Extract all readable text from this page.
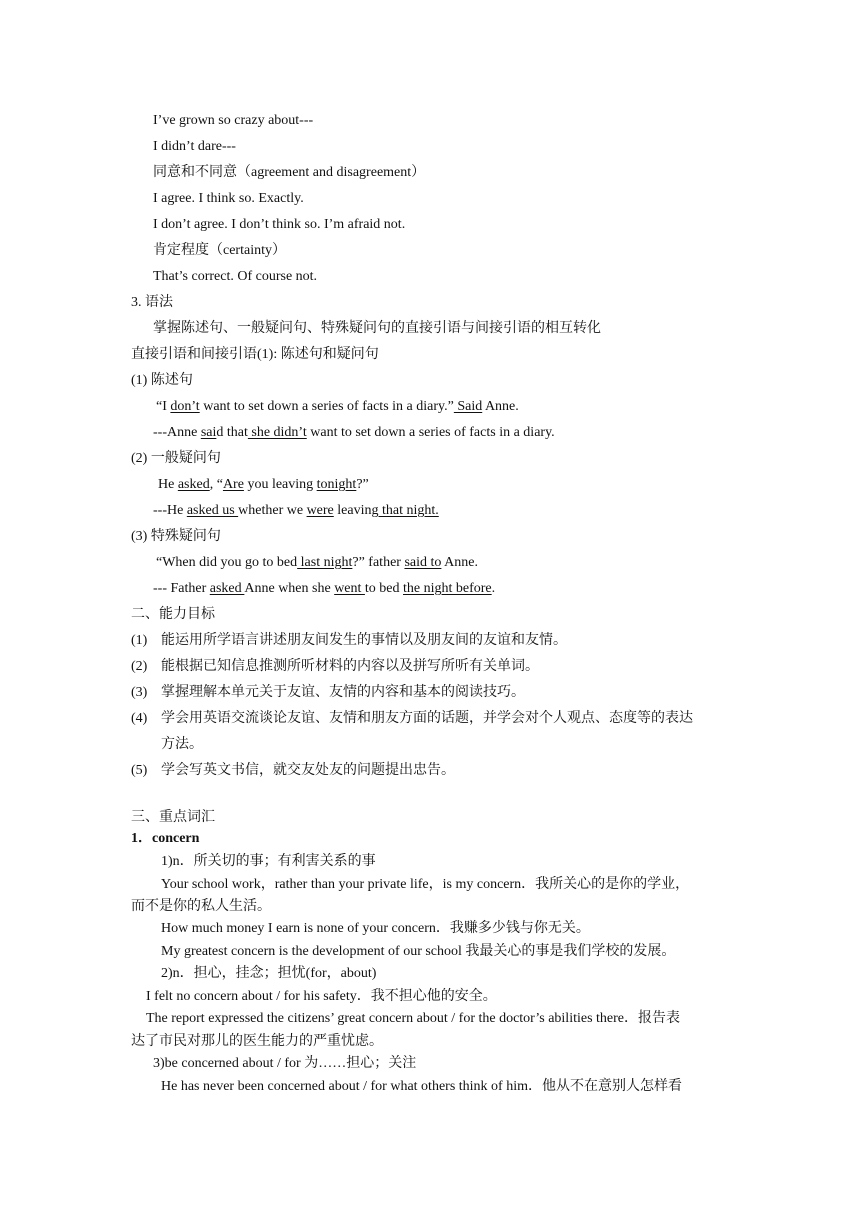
I’ve grown so crazy about---
I didn’t dare---
同意和不同意（agreement and disagreement）
I agree. I think so. Exactly.
I don’t agree. I don’t think so. I’m afraid not.
肯定程度（certainty）
That’s correct. Of course not.
3. 语法
掌握陈述句、一般疑问句、特殊疑问句的直接引语与间接引语的相互转化
直接引语和间接引语(1): 陈述句和疑问句
(1) 陈述句
“I don’t want to set down a series of facts in a diary.” Said Anne.
---Anne said that she didn’t want to set down a series of facts in a diary.
(2) 一般疑问句
He asked, “Are you leaving tonight?”
---He asked us whether we were leaving that night.
(3) 特殊疑问句
“When did you go to bed last night?” father said to Anne.
--- Father asked Anne when she went to bed the night before.
二、能力目标
(1) 能运用所学语言讲述朋友间发生的事情以及朋友间的友谊和友情。
(2) 能根据已知信息推测所听材料的内容以及拼写所听有关单词。
(3) 掌握理解本单元关于友谊、友情的内容和基本的阅读技巧。
(4) 学会用英语交流谈论友谊、友情和朋友方面的话题，并学会对个人观点、态度等的表达
方法。
(5) 学会写英文书信，就交友处友的问题提出忠告。
三、重点词汇
1．concern
1)n．所关切的事；有利害关系的事
Your school work，rather than your private life，is my concern．我所关心的是你的学业，
而不是你的私人生活。
How much money I earn is none of your concern．我赚多少钱与你无关。
My greatest concern is the development of our school 我最关心的事是我们学校的发展。
2)n．担心，挂念；担忧(for，about)
I felt no concern about / for his safety．我不担心他的安全。
The report expressed the citizens’ great concern about / for the doctor’s abilities there．报告表
达了市民对那儿的医生能力的严重忧虑。
3)be concerned about / for 为……担心；关注
He has never been concerned about / for what others think of him．他从不在意别人怎样看
